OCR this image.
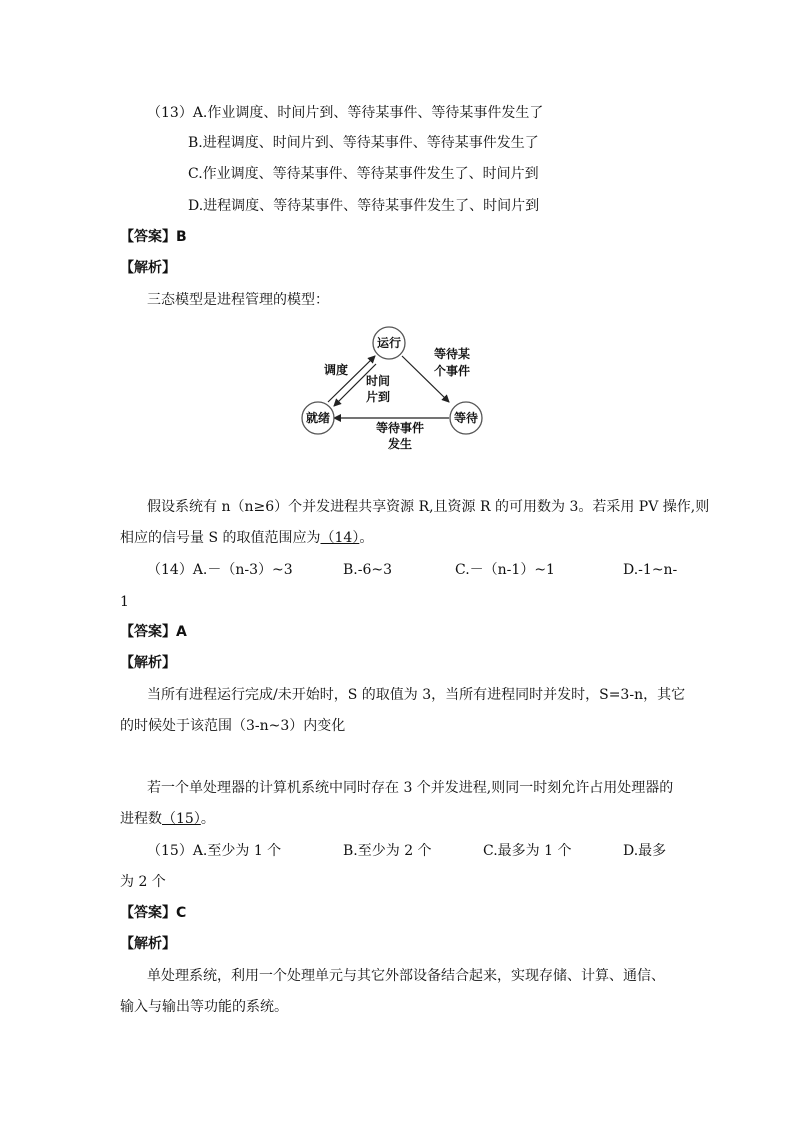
（13）A.作业调度、时间片到、等待某事件、等待某事件发生了
B.进程调度、时间片到、等待某事件、等待某事件发生了
C.作业调度、等待某事件、等待某事件发生了、时间片到
D.进程调度、等待某事件、等待某事件发生了、时间片到
【答案】B
【解析】
三态模型是进程管理的模型：
运行
就绪	等待
调度
时间
片到
等待某
个事件
等待事件
发生
假设系统有 n（n≥6）个并发进程共享资源 R,且资源 R 的可用数为 3。若采用 PV 操作,则
相应的信号量 S 的取值范围应为（14）。
（14）A.－（n-3）~3	B.-6~3	C.－（n-1）~1	D.-1~n-
1
【答案】A
【解析】
当所有进程运行完成/未开始时，S 的取值为 3，当所有进程同时并发时，S=3-n，其它
的时候处于该范围（3-n~3）内变化
若一个单处理器的计算机系统中同时存在 3 个并发进程,则同一时刻允许占用处理器的
进程数（15）。
（15）A.至少为 1 个	B.至少为 2 个	C.最多为 1 个	D.最多
为 2 个
【答案】C
【解析】
单处理系统，利用一个处理单元与其它外部设备结合起来，实现存储、计算、通信、
输入与输出等功能的系统。
